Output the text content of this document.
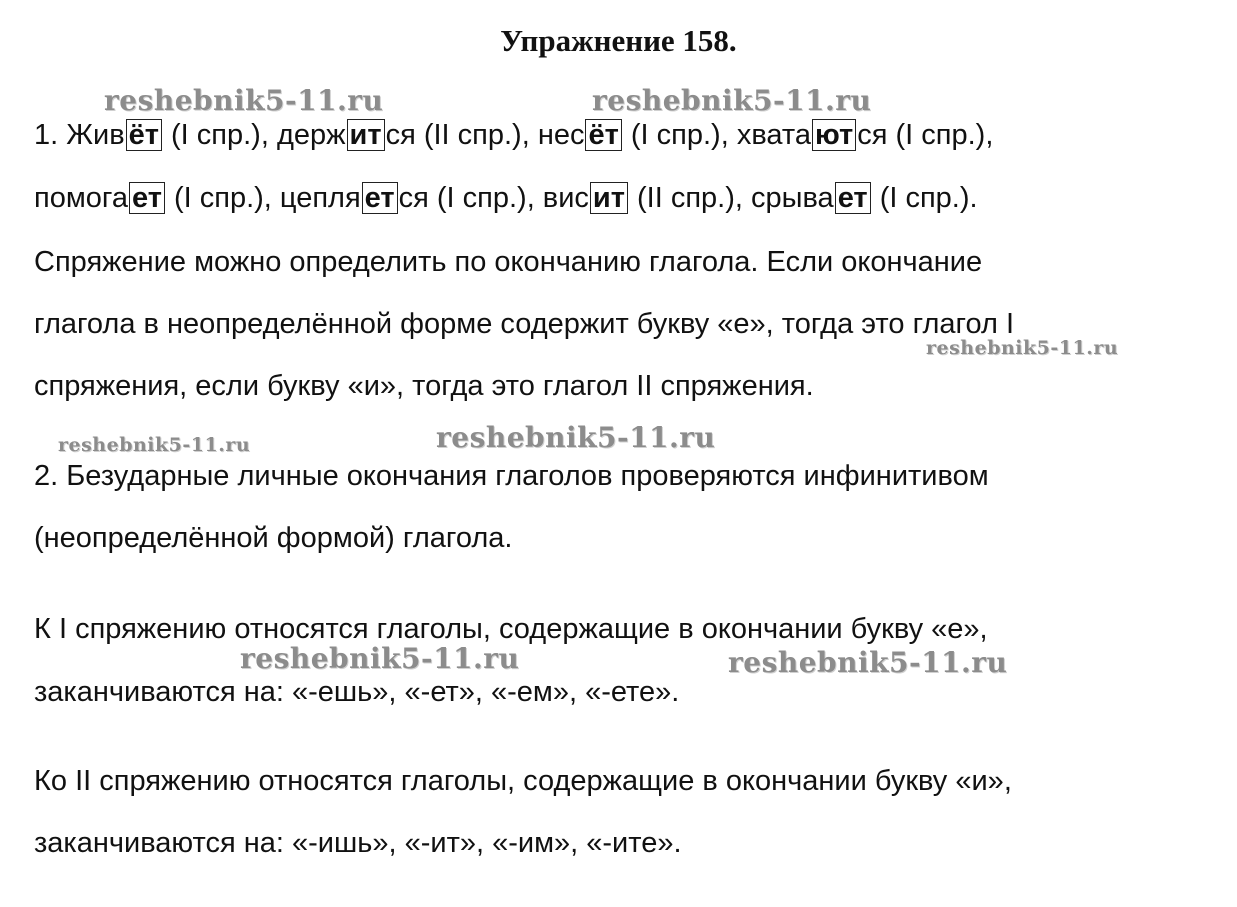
Упражнение 158.
reshebnik5-11.ru	reshebnik5-11.ru
reshebnik5-11.ru
reshebnik5-11.ru	reshebnik5-11.ru
reshebnik5-11.ru	reshebnik5-11.ru
1. Жив ёт (I спр.), держ ит ся (II спр.), нес ёт (I спр.), хвата ют ся (I спр.),
помога ет (I спр.), цепля ет ся (I спр.), вис ит (II спр.), срыва ет (I спр.).
Спряжение можно определить по окончанию глагола. Если окончание
глагола в неопределённой форме содержит букву «е», тогда это глагол I
спряжения, если букву «и», тогда это глагол II спряжения.
2. Безударные личные окончания глаголов проверяются инфинитивом
(неопределённой формой) глагола.
К I спряжению относятся глаголы, содержащие в окончании букву «е»,
заканчиваются на: «-ешь», «-ет», «-ем», «-ете».
Ко II спряжению относятся глаголы, содержащие в окончании букву «и»,
заканчиваются на: «-ишь», «-ит», «-им», «-ите».
